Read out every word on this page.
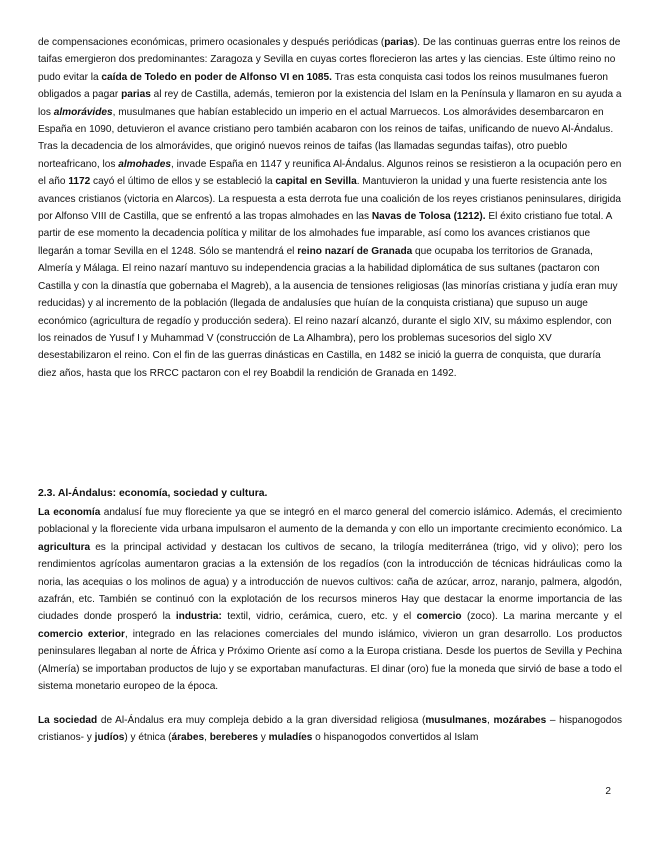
de compensaciones económicas, primero ocasionales y después periódicas (parias). De las continuas guerras entre los reinos de taifas emergieron dos predominantes: Zaragoza y Sevilla en cuyas cortes florecieron las artes y las ciencias. Este último reino no pudo evitar la caída de Toledo en poder de Alfonso VI en 1085. Tras esta conquista casi todos los reinos musulmanes fueron obligados a pagar parias al rey de Castilla, además, temieron por la existencia del Islam en la Península y llamaron en su ayuda a los almorávides, musulmanes que habían establecido un imperio en el actual Marruecos. Los almorávides desembarcaron en España en 1090, detuvieron el avance cristiano pero también acabaron con los reinos de taifas, unificando de nuevo Al-Ándalus. Tras la decadencia de los almorávides, que originó nuevos reinos de taifas (las llamadas segundas taifas), otro pueblo norteafricano, los almohades, invade España en 1147 y reunifica Al-Ándalus. Algunos reinos se resistieron a la ocupación pero en el año 1172 cayó el último de ellos y se estableció la capital en Sevilla. Mantuvieron la unidad y una fuerte resistencia ante los avances cristianos (victoria en Alarcos). La respuesta a esta derrota fue una coalición de los reyes cristianos peninsulares, dirigida por Alfonso VIII de Castilla, que se enfrentó a las tropas almohades en las Navas de Tolosa (1212). El éxito cristiano fue total. A partir de ese momento la decadencia política y militar de los almohades fue imparable, así como los avances cristianos que llegarán a tomar Sevilla en el 1248. Sólo se mantendrá el reino nazarí de Granada que ocupaba los territorios de Granada, Almería y Málaga. El reino nazarí mantuvo su independencia gracias a la habilidad diplomática de sus sultanes (pactaron con Castilla y con la dinastía que gobernaba el Magreb), a la ausencia de tensiones religiosas (las minorías cristiana y judía eran muy reducidas) y al incremento de la población (llegada de andalusíes que huían de la conquista cristiana) que supuso un auge económico (agricultura de regadío y producción sedera). El reino nazarí alcanzó, durante el siglo XIV, su máximo esplendor, con los reinados de Yusuf I y Muhammad V (construcción de La Alhambra), pero los problemas sucesorios del siglo XV desestabilizaron el reino. Con el fin de las guerras dinásticas en Castilla, en 1482 se inició la guerra de conquista, que duraría diez años, hasta que los RRCC pactaron con el rey Boabdil la rendición de Granada en 1492.

2.3. Al-Ándalus: economía, sociedad y cultura.

La economía andalusí fue muy floreciente ya que se integró en el marco general del comercio islámico. Además, el crecimiento poblacional y la floreciente vida urbana impulsaron el aumento de la demanda y con ello un importante crecimiento económico. La agricultura es la principal actividad y destacan los cultivos de secano, la trilogía mediterránea (trigo, vid y olivo); pero los rendimientos agrícolas aumentaron gracias a la extensión de los regadíos (con la introducción de técnicas hidráulicas como la noria, las acequias o los molinos de agua) y a introducción de nuevos cultivos: caña de azúcar, arroz, naranjo, palmera, algodón, azafrán, etc. También se continuó con la explotación de los recursos mineros Hay que destacar la enorme importancia de las ciudades donde prosperó la industria: textil, vidrio, cerámica, cuero, etc. y el comercio (zoco). La marina mercante y el comercio exterior, integrado en las relaciones comerciales del mundo islámico, vivieron un gran desarrollo. Los productos peninsulares llegaban al norte de África y Próximo Oriente así como a la Europa cristiana. Desde los puertos de Sevilla y Pechina (Almería) se importaban productos de lujo y se exportaban manufacturas. El dinar (oro) fue la moneda que sirvió de base a todo el sistema monetario europeo de la época.

La sociedad de Al-Ándalus era muy compleja debido a la gran diversidad religiosa (musulmanes, mozárabes – hispanogodos cristianos- y judíos) y étnica (árabes, bereberes y muladíes o hispanogodos convertidos al Islam

2
